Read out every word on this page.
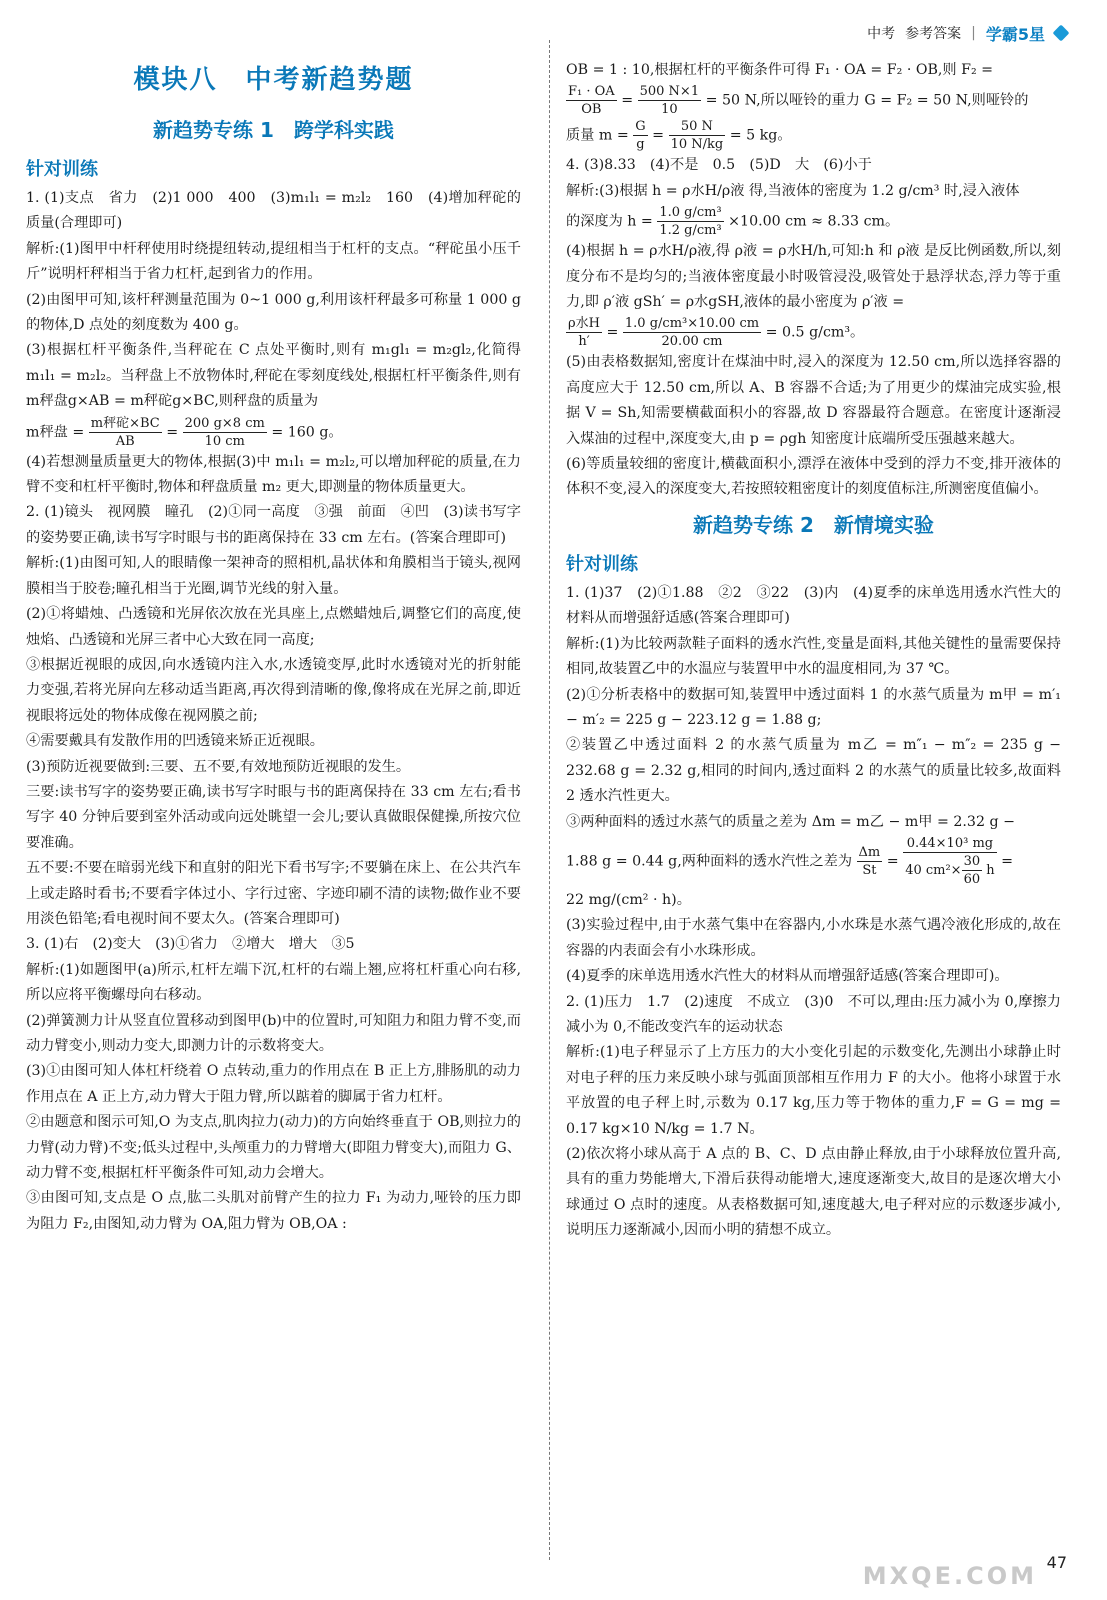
中考 参考答案 | 学霸5星
模块八　中考新趋势题
新趋势专练 1　跨学科实践
针对训练

1. (1)支点　省力　(2)1 000　400　(3)m₁l₁ = m₂l₂　160　(4)增加秤砣的质量(合理即可)

解析:(1)图甲中杆秤使用时绕提纽转动,提纽相当于杠杆的支点。“秤砣虽小压千斤”说明杆秤相当于省力杠杆,起到省力的作用。

(2)由图甲可知,该杆秤测量范围为 0~1 000 g,利用该杆秤最多可称量 1 000 g 的物体,D 点处的刻度数为 400 g。

(3)根据杠杆平衡条件,当秤砣在 C 点处平衡时,则有 m₁gl₁ = m₂gl₂,化简得 m₁l₁ = m₂l₂。当秤盘上不放物体时,秤砣在零刻度线处,根据杠杆平衡条件,则有 m秤盘g×AB = m秤砣g×BC,则秤盘的质量为

m秤盘 = $\frac{\text{m秤砣×BC}}{AB} = \frac{200 g\times 8 cm}{10 cm} = 160$ g。

(4)若想测量质量更大的物体,根据(3)中 m₁l₁ = m₂l₂,可以增加秤砣的质量,在力臂不变和杠杆平衡时,物体和秤盘质量 m₂ 更大,即测量的物体质量更大。

2. (1)镜头　视网膜　瞳孔　(2)①同一高度　③强　前面　④凹　(3)读书写字的姿势要正确,读书写字时眼与书的距离保持在 33 cm 左右。(答案合理即可)

解析:(1)由图可知,人的眼睛像一架神奇的照相机,晶状体和角膜相当于镜头,视网膜相当于胶卷;瞳孔相当于光圈,调节光线的射入量。

(2)①将蜡烛、凸透镜和光屏依次放在光具座上,点燃蜡烛后,调整它们的高度,使烛焰、凸透镜和光屏三者中心大致在同一高度;

③根据近视眼的成因,向水透镜内注入水,水透镜变厚,此时水透镜对光的折射能力变强,若将光屏向左移动适当距离,再次得到清晰的像,像将成在光屏之前,即近视眼将远处的物体成像在视网膜之前;

④需要戴具有发散作用的凹透镜来矫正近视眼。

(3)预防近视要做到:三要、五不要,有效地预防近视眼的发生。

三要:读书写字的姿势要正确,读书写字时眼与书的距离保持在 33 cm 左右;看书写字 40 分钟后要到室外活动或向远处眺望一会儿;要认真做眼保健操,所按穴位要准确。

五不要:不要在暗弱光线下和直射的阳光下看书写字;不要躺在床上、在公共汽车上或走路时看书;不要看字体过小、字行过密、字迹印刷不清的读物;做作业不要用淡色铅笔;看电视时间不要太久。(答案合理即可)

3. (1)右　(2)变大　(3)①省力　②增大　增大　③5

解析:(1)如题图甲(a)所示,杠杆左端下沉,杠杆的右端上翘,应将杠杆重心向右移,所以应将平衡螺母向右移动。

(2)弹簧测力计从竖直位置移动到图甲(b)中的位置时,可知阻力和阻力臂不变,而动力臂变小,则动力变大,即测力计的示数将变大。

(3)①由图可知人体杠杆绕着 O 点转动,重力的作用点在 B 正上方,腓肠肌的动力作用点在 A 正上方,动力臂大于阻力臂,所以踮着的脚属于省力杠杆。

②由题意和图示可知,O 为支点,肌肉拉力(动力)的方向始终垂直于 OB,则拉力的力臂(动力臂)不变;低头过程中,头颅重力的力臂增大(即阻力臂变大),而阻力 G、动力臂不变,根据杠杆平衡条件可知,动力会增大。

③由图可知,支点是 O 点,肱二头肌对前臂产生的拉力 F₁ 为动力,哑铃的压力即为阻力 F₂,由图知,动力臂为 OA,阻力臂为 OB,OA :

OB = 1 : 10,根据杠杆的平衡条件可得 F₁ · OA = F₂ · OB,则 F₂ =

$\frac{\text{F₁ · OA}}{OB} = \frac{500 N\times 1}{10} = 50$ N,所以哑铃的重力 G = F₂ = 50 N,则哑铃的

质量 $m = \frac{G}{g} = \frac{50 N}{10 N/kg} = 5$ kg。

4. (3)8.33　(4)不是　0.5　(5)D　大　(6)小于

解析:(3)根据 h = ρ水H/ρ液 得,当液体的密度为 1.2 g/cm³ 时,浸入液体

的深度为 $h = \frac{\text{1.0 g/cm³}}{\text{1.2 g/cm³}} \times 10.00$ cm ≈ 8.33 cm。

(4)根据 h = ρ水H/ρ液,得 ρ液 = ρ水H/h,可知:h 和 ρ液 是反比例函数,所以,刻度分布不是均匀的;当液体密度最小时吸管浸没,吸管处于悬浮状态,浮力等于重力,即 ρ′液 gSh′ = ρ水gSH,液体的最小密度为 ρ′液 =

$\frac{\text{ρ水H}}{h'} = \frac{\text{1.0 g/cm³×10.00 cm}}{20.00 cm} = 0.5$ g/cm³。

(5)由表格数据知,密度计在煤油中时,浸入的深度为 12.50 cm,所以选择容器的高度应大于 12.50 cm,所以 A、B 容器不合适;为了用更少的煤油完成实验,根据 V = Sh,知需要横截面积小的容器,故 D 容器最符合题意。在密度计逐渐浸入煤油的过程中,深度变大,由 p = ρgh 知密度计底端所受压强越来越大。

(6)等质量较细的密度计,横截面积小,漂浮在液体中受到的浮力不变,排开液体的体积不变,浸入的深度变大,若按照较粗密度计的刻度值标注,所测密度值偏小。

新趋势专练 2　新情境实验
针对训练

1. (1)37　(2)①1.88　②2　③22　(3)内　(4)夏季的床单选用透水汽性大的材料从而增强舒适感(答案合理即可)

解析:(1)为比较两款鞋子面料的透水汽性,变量是面料,其他关键性的量需要保持相同,故装置乙中的水温应与装置甲中水的温度相同,为 37 ℃。

(2)①分析表格中的数据可知,装置甲中透过面料 1 的水蒸气质量为 m甲 = m′₁ − m′₂ = 225 g − 223.12 g = 1.88 g;

②装置乙中透过面料 2 的水蒸气质量为 m乙 = m″₁ − m″₂ = 235 g − 232.68 g = 2.32 g,相同的时间内,透过面料 2 的水蒸气的质量比较多,故面料 2 透水汽性更大。

③两种面料的透过水蒸气的质量之差为 Δm = m乙 − m甲 = 2.32 g −

1.88 g = 0.44 g,两种面料的透水汽性之差为 $\frac{\Delta m}{St} = \frac{\text{0.44×10³ mg}}{40 cm^2\times \frac{30}{60} h}$ =

22 mg/(cm² · h)。

(3)实验过程中,由于水蒸气集中在容器内,小水珠是水蒸气遇冷液化形成的,故在容器的内表面会有小水珠形成。

(4)夏季的床单选用透水汽性大的材料从而增强舒适感(答案合理即可)。

2. (1)压力　1.7　(2)速度　不成立　(3)0　不可以,理由:压力减小为 0,摩擦力减小为 0,不能改变汽车的运动状态

解析:(1)电子秤显示了上方压力的大小变化引起的示数变化,先测出小球静止时对电子秤的压力来反映小球与弧面顶部相互作用力 F 的大小。他将小球置于水平放置的电子秤上时,示数为 0.17 kg,压力等于物体的重力,F = G = mg = 0.17 kg×10 N/kg = 1.7 N。

(2)依次将小球从高于 A 点的 B、C、D 点由静止释放,由于小球释放位置升高,具有的重力势能增大,下滑后获得动能增大,速度逐渐变大,故目的是逐次增大小球通过 O 点时的速度。从表格数据可知,速度越大,电子秤对应的示数逐步减小,说明压力逐渐减小,因而小明的猜想不成立。

MXQE.COM 47
